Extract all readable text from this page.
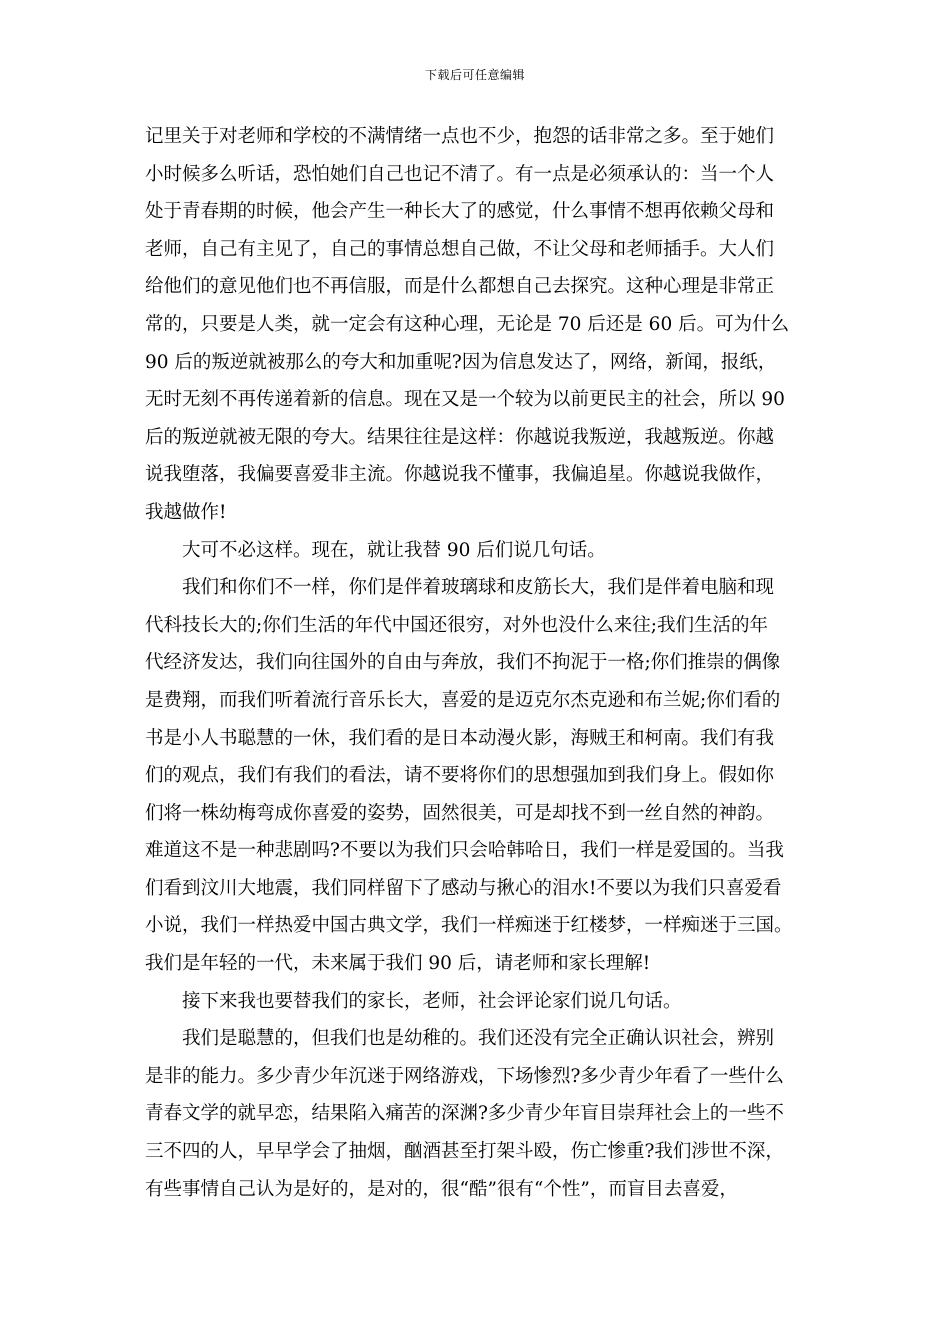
下载后可任意编辑
记里关于对老师和学校的不满情绪一点也不少，抱怨的话非常之多。至于她们
小时候多么听话，恐怕她们自己也记不清了。有一点是必须承认的：当一个人
处于青春期的时候，他会产生一种长大了的感觉，什么事情不想再依赖父母和
老师，自己有主见了，自己的事情总想自己做，不让父母和老师插手。大人们
给他们的意见他们也不再信服，而是什么都想自己去探究。这种心理是非常正
常的，只要是人类，就一定会有这种心理，无论是 70 后还是 60 后。可为什么
90 后的叛逆就被那么的夸大和加重呢?因为信息发达了，网络，新闻，报纸，
无时无刻不再传递着新的信息。现在又是一个较为以前更民主的社会，所以 90
后的叛逆就被无限的夸大。结果往往是这样：你越说我叛逆，我越叛逆。你越
说我堕落，我偏要喜爱非主流。你越说我不懂事，我偏追星。你越说我做作，
我越做作!
大可不必这样。现在，就让我替 90 后们说几句话。
我们和你们不一样，你们是伴着玻璃球和皮筋长大，我们是伴着电脑和现
代科技长大的;你们生活的年代中国还很穷，对外也没什么来往;我们生活的年
代经济发达，我们向往国外的自由与奔放，我们不拘泥于一格;你们推崇的偶像
是费翔，而我们听着流行音乐长大，喜爱的是迈克尔杰克逊和布兰妮;你们看的
书是小人书聪慧的一休，我们看的是日本动漫火影，海贼王和柯南。我们有我
们的观点，我们有我们的看法，请不要将你们的思想强加到我们身上。假如你
们将一株幼梅弯成你喜爱的姿势，固然很美，可是却找不到一丝自然的神韵。
难道这不是一种悲剧吗?不要以为我们只会哈韩哈日，我们一样是爱国的。当我
们看到汶川大地震，我们同样留下了感动与揪心的泪水!不要以为我们只喜爱看
小说，我们一样热爱中国古典文学，我们一样痴迷于红楼梦，一样痴迷于三国。
我们是年轻的一代，未来属于我们 90 后，请老师和家长理解!
接下来我也要替我们的家长，老师，社会评论家们说几句话。
我们是聪慧的，但我们也是幼稚的。我们还没有完全正确认识社会，辨别
是非的能力。多少青少年沉迷于网络游戏，下场惨烈?多少青少年看了一些什么
青春文学的就早恋，结果陷入痛苦的深渊?多少青少年盲目崇拜社会上的一些不
三不四的人，早早学会了抽烟，酗酒甚至打架斗殴，伤亡惨重?我们涉世不深，
有些事情自己认为是好的，是对的，很“酷”很有“个性”，而盲目去喜爱，
